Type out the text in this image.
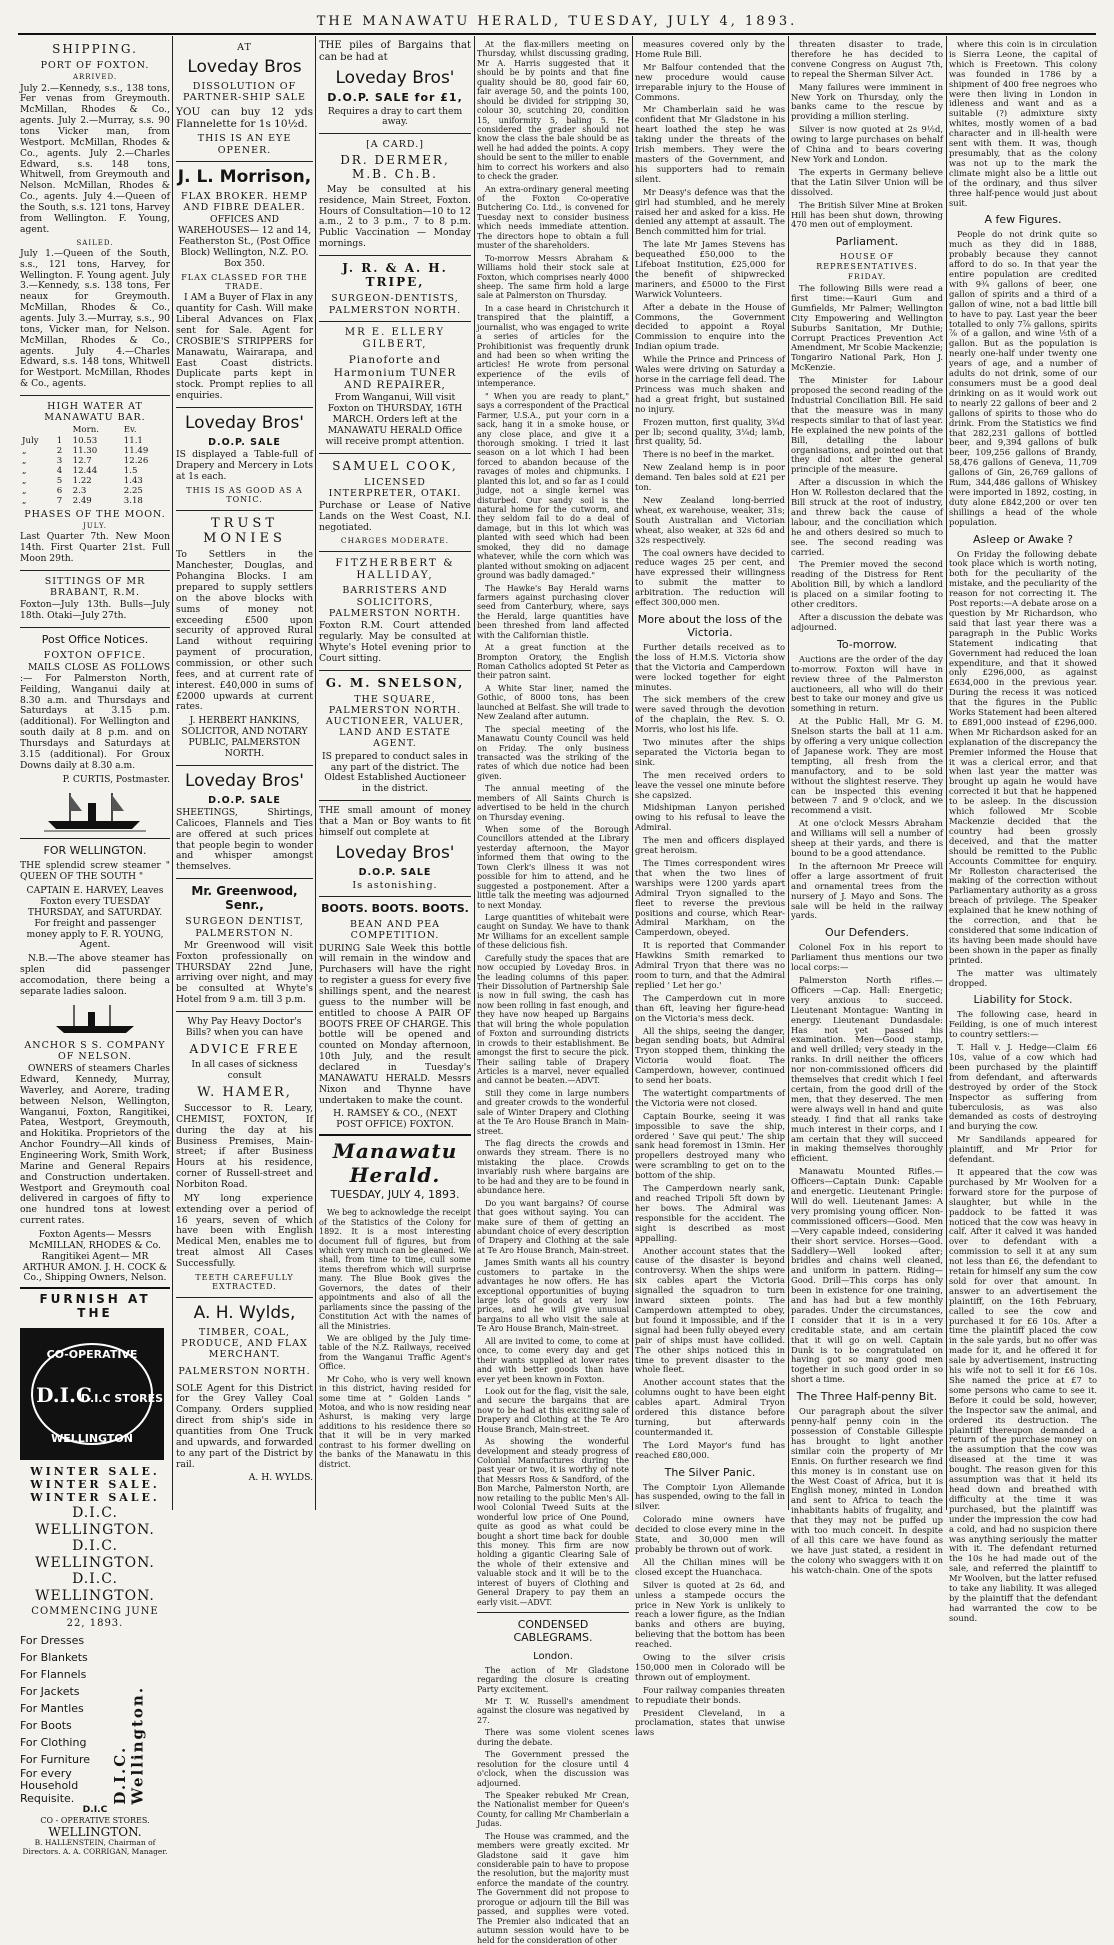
THE MANAWATU HERALD, TUESDAY, JULY 4, 1893.
SHIPPING.
PORT OF FOXTON.
ARRIVED.

July 2.—Kennedy, s.s., 138 tons, Fer venas from Greymouth. McMillan, Rhodes & Co., agents. July 2.—Murray, s.s. 90 tons Vicker man, from Westport. McMillan, Rhodes & Co., agents. July 2.—Charles Edward, s.s. 148 tons, Whitwell, from Greymouth and Nelson. McMillan, Rhodes & Co., agents. July 4.—Queen of the South, s.s. 121 tons, Harvey from Wellington. F. Young, agent.

SAILED.

July 1.—Queen of the South, s.s., 121 tons, Harvey, for Wellington. F. Young agent. July 3.—Kennedy, s.s. 138 tons, Fer neaux for Greymouth. McMillan, Rhodes & Co., agents. July 3.—Murray, s.s., 90 tons, Vicker man, for Nelson. McMillan, Rhodes & Co., agents. July 4.—Charles Edward, s.s. 148 tons, Whitwell for Westport. McMillan, Rhodes & Co., agents.

HIGH WATER AT MANAWATU BAR.
		Morn.	Ev.
July	1	10.53	11.1
„	2	11.30	11.49
„	3	12.7	12.26
„	4	12.44	1.5
„	5	1.22	1.43
„	6	2.3	2.25
„	7	2.49	3.18
PHASES OF THE MOON.
JULY.

Last Quarter 7th. New Moon 14th. First Quarter 21st. Full Moon 29th.

SITTINGS OF MR BRABANT, R.M.

Foxton—July 13th. Bulls—July 18th. Otaki—July 27th.

Post Office Notices.
FOXTON OFFICE.

MAILS CLOSE AS FOLLOWS :— For Palmerston North, Feilding, Wanganui daily at 8.30 a.m. and Thursdays and Saturdays at 3.15 p.m. (additional). For Wellington and south daily at 8 p.m. and on Thursdays and Saturdays at 3.15 (additional). For Groux Downs daily at 8.30 a.m.

P. CURTIS, Postmaster.

FOR WELLINGTON.

THE splendid screw steamer " QUEEN OF THE SOUTH "

CAPTAIN E. HARVEY, Leaves Foxton every TUESDAY THURSDAY, and SATURDAY. For freight and passenger money apply to F. R. YOUNG, Agent.

N.B.—The above steamer has splen did passenger accomodation, there being a separate ladies saloon.

ANCHOR S S. COMPANY OF NELSON.

OWNERS of steamers Charles Edward, Kennedy, Murray, Waverley, and Aorere, trading between Nelson, Wellington, Wanganui, Foxton, Rangitikei, Patea, Westport, Greymouth, and Hokitika. Proprietors of the Anchor Foundry—All kinds of Engineering Work, Smith Work, Marine and General Repairs and Construction undertaken. Westport and Greymouth coal delivered in cargoes of fifty to one hundred tons at lowest current rates.

Foxton Agents— Messrs McMILLAN, RHODES & Co. Rangitikei Agent— MR ARTHUR AMON. J. H. COCK & Co., Shipping Owners, Nelson.

FURNISH AT THE
CO-OPERATIVE
D.I.C
D.I.C STORES
WELLINGTON
WINTER SALE.
WINTER SALE.
WINTER SALE.
D.I.C. WELLINGTON.
D.I.C. WELLINGTON.
D.I.C. WELLINGTON.
COMMENCING JUNE 22, 1893.
For Dresses
For Blankets
For Flannels
For Jackets
For Mantles
For Boots
For Clothing
For Furniture
For every Household Requisite.	D.I.C. Wellington.
D.I.C
CO - OPERATIVE STORES.
WELLINGTON.
B. HALLENSTEIN, Chairman of Directors. A. A. CORRIGAN, Manager.
AT
Loveday Bros
DISSOLUTION OF PARTNER-SHIP SALE

YOU can buy 12 yds Flannelette for 1s 10½d.

THIS IS AN EYE OPENER.
J. L. Morrison,
FLAX BROKER. HEMP AND FIBRE DEALER.

OFFICES AND WAREHOUSES— 12 and 14, Featherston St., (Post Office Block) Wellington, N.Z. P.O. Box 350.

FLAX CLASSED FOR THE TRADE.

I AM a Buyer of Flax in any quantity for Cash. Will make Liberal Advances on Flax sent for Sale. Agent for CROSBIE'S STRIPPERS for Manawatu, Wairarapa, and East Coast districts. Duplicate parts kept in stock. Prompt replies to all enquiries.

Loveday Bros'
D.O.P. SALE

IS displayed a Table-full of Drapery and Mercery in Lots at 1s each.

THIS IS AS GOOD AS A TONIC.
TRUST MONIES

To Settlers in the Manchester, Douglas, and Pohangina Blocks. I am prepared to supply settlers on the above blocks with sums of money not exceeding £500 upon security of approved Rural Land without requiring payment of procuration, commission, or other such fees, and at current rate of interest. £40,000 in sums of £2000 upwards at current rates.

J. HERBERT HANKINS, SOLICITOR, AND NOTARY PUBLIC, PALMERSTON NORTH.

Loveday Bros'
D.O.P. SALE

SHEETINGS, Shirtings, Calicoes, Flannels and Ties are offered at such prices that people begin to wonder and whisper amongst themselves.

Mr. Greenwood, Senr.,
SURGEON DENTIST, PALMERSTON N.

Mr Greenwood will visit Foxton professionally on THURSDAY 22nd June, arriving over night, and may be consulted at Whyte's Hotel from 9 a.m. till 3 p.m.

Why Pay Heavy Doctor's Bills? when you can have

ADVICE FREE

In all cases of sickness consult

W. HAMER,

Successor to R. Leary, CHEMIST, FOXTON, If during the day at his Business Premises, Main-street; if after Business Hours at his residence, corner of Russell-street and Norbiton Road.

MY long experience extending over a period of 16 years, seven of which have been with English Medical Men, enables me to treat almost All Cases Successfully.

TEETH CAREFULLY EXTRACTED.
A. H. Wylds,
TIMBER, COAL, PRODUCE, AND FLAX MERCHANT.
PALMERSTON NORTH.

SOLE Agent for this District for the Grey Valley Coal Company. Orders supplied direct from ship's side in quantities from One Truck and upwards, and forwarded to any part of the District by rail.

A. H. WYLDS.

THE piles of Bargains that can be had at

Loveday Bros'
D.O.P. SALE for £1,

Requires a dray to cart them away.

[A CARD.]
DR. DERMER, M.B. Ch.B.

May be consulted at his residence, Main Street, Foxton. Hours of Consultation—10 to 12 a.m., 2 to 3 p.m., 7 to 8 p.m. Public Vaccination — Monday mornings.

J. R. & A. H. TRIPE,
SURGEON-DENTISTS, PALMERSTON NORTH.
MR E. ELLERY GILBERT,
Pianoforte and Harmonium TUNER AND REPAIRER,

From Wanganui, Will visit Foxton on THURSDAY, 16TH MARCH. Orders left at the MANAWATU HERALD Office will receive prompt attention.

SAMUEL COOK,
LICENSED INTERPRETER, OTAKI.

Purchase or Lease of Native Lands on the West Coast, N.I. negotiated.

CHARGES MODERATE.
FITZHERBERT & HALLIDAY,
BARRISTERS AND SOLICITORS, PALMERSTON NORTH.

Foxton R.M. Court attended regularly. May be consulted at Whyte's Hotel evening prior to Court sitting.

G. M. SNELSON,
THE SQUARE, PALMERSTON NORTH. AUCTIONEER, VALUER, LAND AND ESTATE AGENT.

IS prepared to conduct sales in any part of the district. The Oldest Established Auctioneer in the district.

THE small amount of money that a Man or Boy wants to fit himself out complete at

Loveday Bros'
D.O.P. SALE
Is astonishing.
BOOTS. BOOTS. BOOTS.
BEAN AND PEA COMPETITION.

DURING Sale Week this bottle will remain in the window and Purchasers will have the right to register a guess for every five shillings spent, and the nearest guess to the number will be entitled to choose A PAIR OF BOOTS FREE OF CHARGE. This bottle will be opened and counted on Monday afternoon, 10th July, and the result declared in Tuesday's MANAWATU HERALD. Messrs Nixon and Thynne have undertaken to make the count.

H. RAMSEY & CO., (NEXT POST OFFICE) FOXTON.

Manawatu Herald.
TUESDAY, JULY 4, 1893.

We beg to acknowledge the receipt of the Statistics of the Colony for 1892. It is a most interesting document full of figures, but from which very much can be gleaned. We shall, from time to time, cull some items therefrom which will surprise many. The Blue Book gives the Governors, the dates of their appointments and also of all the parliaments since the passing of the Constitution Act with the names of all the Ministries.

We are obliged by the July time-table of the N.Z. Railways, received from the Wanganui Traffic Agent's Office.

Mr Coho, who is very well known in this district, having resided for some time at " Golden Lands " Motoa, and who is now residing near Ashurst, is making very large additions to his residence there so that it will be in very marked contrast to his former dwelling on the banks of the Manawatu in this district.

At the flax-millers meeting on Thursday, whilst discussing grading, Mr A. Harris suggested that it should be by points and that fine quality should be 80, good fair 60, fair average 50, and the points 100, should be divided for stripping 30, colour 30, scutching 20, condition 15, uniformity 5, baling 5. He considered the grader should not know the class the bale should be as well he had added the points. A copy should be sent to the miller to enable him to correct his workers and also to check the grader.

An extra-ordinary general meeting of the Foxton Co-operative Butchering Co. Ltd., is convened for Tuesday next to consider business which needs immediate attention. The directors hope to obtain a full muster of the shareholders.

To-morrow Messrs Abraham & Williams hold their stock sale at Foxton, which comprises nearly 4000 sheep. The same firm hold a large sale at Palmerston on Thursday.

In a case heard in Christchurch it transpired that the plaintiff, a journalist, who was engaged to write a series of articles for the Prohibitionist was frequently drunk and had been so when writing the articles! He wrote from personal experience of the evils of intemperance.

" When you are ready to plant," says a correspondent of the Practical Farmer, U.S.A., put your corn in a sack, hang it in a smoke house, or any close place, and give it a thorough smoking. I tried it last season on a lot which I had been forced to abandon because of the ravages of moles and chipmunks. I planted this lot, and so far as I could judge, not a single kernel was disturbed. Our sandy soil is the natural home for the cutworm, and they seldom fail to do a deal of damage, but in this lot which was planted with seed which had been smoked, they did no damage whatever, while the corn which was planted without smoking on adjacent ground was badly damaged."

The Hawke's Bay Herald warns farmers against purchasing clover seed from Canterbury, where, says the Herald, large quantities have been threshed from land affected with the Californian thistle.

At a great function at the Brompton Oratory, the English Roman Catholics adopted St Peter as their patron saint.

A White Star liner, named the Gothic, of 8000 tons, has been launched at Belfast. She will trade to New Zealand after autumn.

The special meeting of the Manawatu County Council was held on Friday. The only business transacted was the striking of the rates of which due notice had been given.

The annual meeting of the members of All Saints Church is advertised to be held in the church on Thursday evening.

When some of the Borough Councillors attended at the Library yesterday afternoon, the Mayor informed them that owing to the Town Clerk's illness it was not possible for him to attend, and he suggested a postponement. After a little talk the meeting was adjourned to next Monday.

Large quantities of whitebait were caught on Sunday. We have to thank Mr Williams for an excellent sample of these delicious fish.

Carefully study the spaces that are now occupied by Loveday Bros. in the leading columns of this paper. Their Dissolution of Partnership Sale is now in full swing, the cash has now been rolling in fast enough, and they have now heaped up Bargains that will bring the whole population of Foxton and surrounding districts in crowds to their establishment. Be amongst the first to secure the pick. Their sailing table of Drapery Articles is a marvel, never equalled and cannot be beaten.—ADVT.

Still they come in large numbers and greater crowds to the wonderful sale of Winter Drapery and Clothing at the Te Aro House Branch in Main-street.

The flag directs the crowds and onwards they stream. There is no mistaking the place. Crowds invariably rush where bargains are to be had and they are to be found in abundance here.

Do you want bargains? Of course that goes without saying. You can make sure of them of getting an abundant choice of every description of Drapery and Clothing at the sale at Te Aro House Branch, Main-street.

James Smith wants all his country customers to partake in the advantages he now offers. He has exceptional opportunities of buying large lots of goods at very low prices, and he will give unusual bargains to all who visit the sale at Te Aro House Branch, Main-street.

All are invited to come, to come at once, to come every day and get their wants supplied at lower rates and with better goods than have ever yet been known in Foxton.

Look out for the flag, visit the sale, and secure the bargains that are now to be had at this exciting sale of Drapery and Clothing at the Te Aro House Branch, Main-street.

As showing the wonderful development and steady progress of Colonial Manufactures during the past year or two, it is worthy of note that Messrs Ross & Sandford, of the Bon Marche, Palmerston North, are now retailing to the public Men's All-wool Colonial Tweed Suits at the wonderful low price of One Pound, quite as good as what could be bought a short time back for double this money. This firm are now holding a gigantic Clearing Sale of the whole of their extensive and valuable stock and it will be to the interest of buyers of Clothing and General Drapery to pay them an early visit.—ADVT.

CONDENSED CABLEGRAMS.
London.

The action of Mr Gladstone regarding the closure is creating Party excitement.

Mr T. W. Russell's amendment against the closure was negatived by 27.

There was some violent scenes during the debate.

The Government pressed the resolution for the closure until 4 o'clock, when the discussion was adjourned.

The Speaker rebuked Mr Crean, the Nationalist member for Queen's County, for calling Mr Chamberlain a Judas.

The House was crammed, and the members were greatly excited. Mr Gladstone said it gave him considerable pain to have to propose the resolution, but the majority must enforce the mandate of the country. The Government did not propose to prorogue or adjourn till the Bill was passed, and supplies were voted. The Premier also indicated that an autumn session would have to be held for the consideration of other

measures covered only by the Home Rule Bill.

Mr Balfour contended that the new procedure would cause irreparable injury to the House of Commons.

Mr Chamberlain said he was confident that Mr Gladstone in his heart loathed the step he was taking under the threats of the Irish members. They were the masters of the Government, and his supporters had to remain silent.

Mr Deasy's defence was that the girl had stumbled, and he merely raised her and asked for a kiss. He denied any attempt at assault. The Bench committed him for trial.

The late Mr James Stevens has bequeathed £50,000 to the Lifeboat Institution, £25,000 for the benefit of shipwrecked mariners, and £5000 to the First Warwick Volunteers.

After a debate in the House of Commons, the Government decided to appoint a Royal Commission to enquire into the Indian opium trade.

While the Prince and Princess of Wales were driving on Saturday a horse in the carriage fell dead. The Princess was much shaken and had a great fright, but sustained no injury.

Frozen mutton, first quality, 3¾d per lb; second quality, 3¼d; lamb, first quality, 5d.

There is no beef in the market.

New Zealand hemp is in poor demand. Ten bales sold at £21 per ton.

New Zealand long-berried wheat, ex warehouse, weaker, 31s; South Australian and Victorian wheat, also weaker, at 32s 6d and 32s respectively.

The coal owners have decided to reduce wages 25 per cent, and have expressed their willingness to submit the matter to arbitration. The reduction will effect 300,000 men.

More about the loss of the Victoria.

Further details received as to the loss of H.M.S. Victoria show that the Victoria and Camperdown were locked together for eight minutes.

The sick members of the crew were saved through the devotion of the chaplain, the Rev. S. O. Morris, who lost his life.

Two minutes after the ships separated the Victoria began to sink.

The men received orders to leave the vessel one minute before she capsized.

Midshipman Lanyon perished owing to his refusal to leave the Admiral.

The men and officers displayed great heroism.

The Times correspondent wires that when the two lines of warships were 1200 yards apart Admiral Tryon signalled to the fleet to reverse the previous positions and course, which Rear-Admiral Markham, on the Camperdown, obeyed.

It is reported that Commander Hawkins Smith remarked to Admiral Tryon that there was no room to turn, and that the Admiral replied ' Let her go.'

The Camperdown cut in more than 6ft, leaving her figure-head on the Victoria's mess deck.

All the ships, seeing the danger, began sending boats, but Admiral Tryon stopped them, thinking the Victoria would float. The Camperdown, however, continued to send her boats.

The watertight compartments of the Victoria were not closed.

Captain Bourke, seeing it was impossible to save the ship, ordered ' Save qui peut.' The ship sank head foremost in 13min. Her propellers destroyed many who were scrambling to get on to the bottom of the ship.

The Camperdown nearly sank, and reached Tripoli 5ft down by her bows. The Admiral was responsible for the accident. The sight is described as most appalling.

Another account states that the cause of the disaster is beyond controversy. When the ships were six cables apart the Victoria signalled the squadron to turn inward sixteen points. The Camperdown attempted to obey, but found it impossible, and if the signal had been fully obeyed every pair of ships must have collided. The other ships noticed this in time to prevent disaster to the whole fleet.

Another account states that the columns ought to have been eight cables apart. Admiral Tryon ordered this distance before turning, but afterwards countermanded it.

The Lord Mayor's fund has reached £80,000.

The Silver Panic.

The Comptoir Lyon Allemande has suspended, owing to the fall in silver.

Colorado mine owners have decided to close every mine in the State, and 30,000 men will probably be thrown out of work.

All the Chilian mines will be closed except the Huanchaca.

Silver is quoted at 2s 6d, and unless a stampede occurs the price in New York is unlikely to reach a lower figure, as the Indian banks and others are buying, believing that the bottom has been reached.

Owing to the silver crisis 150,000 men in Colorado will be thrown out of employment.

Four railway companies threaten to repudiate their bonds.

President Cleveland, in a proclamation, states that unwise laws

threaten disaster to trade, therefore he has decided to convene Congress on August 7th, to repeal the Sherman Silver Act.

Many failures were imminent in New York on Thursday, only the banks came to the rescue by providing a million sterling.

Silver is now quoted at 2s 9½d, owing to large purchases on behalf of China and to bears covering New York and London.

The experts in Germany believe that the Latin Silver Union will be dissolved.

The British Silver Mine at Broken Hill has been shut down, throwing 470 men out of employment.

Parliament.
HOUSE OF REPRESENTATIVES.
FRIDAY.

The following Bills were read a first time:—Kauri Gum and Gumfields, Mr Palmer; Wellington City Empowering and Wellington Suburbs Sanitation, Mr Duthie; Corrupt Practices Prevention Act Amendment, Mr Scobie Mackenzie; Tongariro National Park, Hon J. McKenzie.

The Minister for Labour proposed the second reading of the Industrial Conciliation Bill. He said that the measure was in many respects similar to that of last year. He explained the new points of the Bill, detailing the labour organisations, and pointed out that they did not alter the general principle of the measure.

After a discussion in which the Hon W. Rolleston declared that the Bill struck at the root of industry, and threw back the cause of labour, and the conciliation which he and others desired so much to see. The second reading was carried.

The Premier moved the second reading of the Distress for Rent Abolition Bill, by which a landlord is placed on a similar footing to other creditors.

After a discussion the debate was adjourned.

To-morrow.

Auctions are the order of the day to-morrow. Foxton will have in review three of the Palmerston auctioneers, all who will do their best to take our money and give us something in return.

At the Public Hall, Mr G. M. Snelson starts the ball at 11 a.m. by offering a very unique collection of Japanese work. They are most tempting, all fresh from the manufactory, and to be sold without the slightest reserve. They can be inspected this evening between 7 and 9 o'clock, and we recommend a visit.

At one o'clock Messrs Abraham and Williams will sell a number of sheep at their yards, and there is bound to be a good attendance.

In the afternoon Mr Preece will offer a large assortment of fruit and ornamental trees from the nursery of J. Mayo and Sons. The sale will be held in the railway yards.

Our Defenders.

Colonel Fox in his report to Parliament thus mentions our two local corps:—

Palmerston North rifles.—Officers —Cap. Hall: Energetic; very anxious to succeed. Lieutenant Montague: Wanting in energy. Lieutenant Dundasdale: Has not yet passed his examination. Men—Good stamp, and well drilled; very steady in the ranks. In drill neither the officers nor non-commissioned officers did themselves that credit which I feel certain, from the good drill of the men, that they deserved. The men were always well in hand and quite steady. I find that all ranks take much interest in their corps, and I am certain that they will succeed in making themselves thoroughly efficient.

Manawatu Mounted Rifles.—Officers—Captain Dunk: Capable and energetic. Lieutenant Pringle: Will do well. Lieutenant James: A very promising young officer. Non-commissioned officers—Good. Men—Very capable indeed, considering their short service. Horses—Good. Saddlery—Well looked after; bridles and chains well cleaned, and uniform in pattern. Riding—Good. Drill—This corps has only been in existence for one training, and has had but a few monthly parades. Under the circumstances, I consider that it is in a very creditable state, and am certain that it will go on well. Captain Dunk is to be congratulated on having got so many good men together in such good order in so short a time.

The Three Half-penny Bit.

Our paragraph about the silver penny-half penny coin in the possession of Constable Gillespie has brought to light another similar coin the property of Mr Ennis. On further research we find this money is in constant use on the West Coast of Africa, but it is English money, minted in London and sent to Africa to teach the inhabitants habits of frugality, and that they may not be puffed up with too much conceit. In despite of all this care we have found as we have just stated, a resident in the colony who swaggers with it on his watch-chain. One of the spots

where this coin is in circulation is Sierra Leone, the capital of which is Freetown. This colony was founded in 1786 by a shipment of 400 free negroes who were then living in London in idleness and want and as a suitable (?) admixture sixty whites, mostly women of a bad character and in ill-health were sent with them. It was, though presumably, that as the colony was not up to the mark the climate might also be a little out of the ordinary, and thus silver three half-pence would just about suit.

A few Figures.

People do not drink quite so much as they did in 1888, probably because they cannot afford to do so. In that year the entire population are credited with 9¾ gallons of beer, one gallon of spirits and a third of a gallon of wine, not a bad little bill to have to pay. Last year the beer totalled to only 7⅞ gallons, spirits ⅞ of a gallon, and wine ⅕th of a gallon. But as the population is nearly one-half under twenty one years of age, and a number of adults do not drink, some of our consumers must be a good deal drinking on as it would work out to nearly 22 gallons of beer and 2 gallons of spirits to those who do drink. From the Statistics we find that 282,231 gallons of bottled beer, and 9,394 gallons of bulk beer, 109,256 gallons of Brandy, 58,476 gallons of Geneva, 11,709 gallons of Gin, 26,769 gallons of Rum, 344,486 gallons of Whiskey were imported in 1892, costing, in duty alone £842,200 or over ten shillings a head of the whole population.

Asleep or Awake ?

On Friday the following debate took place which is worth noting, both for the peculiarity of the mistake, and the peculiarity of the reason for not correcting it. The Post reports:—A debate arose on a question by Mr Richardson, who said that last year there was a paragraph in the Public Works Statement indicating that Government had reduced the loan expenditure, and that it showed only £296,000, as against £634,000 in the previous year. During the recess it was noticed that the figures in the Public Works Statement had been altered to £891,000 instead of £296,000. When Mr Richardson asked for an explanation of the discrepancy the Premier informed the House that it was a clerical error, and that when last year the matter was brought up again he would have corrected it but that he happened to be asleep. In the discussion which followed Mr Scobie Mackenzie decided that the country had been grossly deceived, and that the matter should be remitted to the Public Accounts Committee for enquiry. Mr Rolleston characterised the making of the correction without Parliamentary authority as a gross breach of privilege. The Speaker explained that he knew nothing of the correction, and that he considered that some indication of its having been made should have been shown in the paper as finally printed.

The matter was ultimately dropped.

Liability for Stock.

The following case, heard in Feilding, is one of much interest to country settlers:—

T. Hall v. J. Hedge—Claim £6 10s, value of a cow which had been purchased by the plaintiff from defendant, and afterwards destroyed by order of the Stock Inspector as suffering from tuberculosis, as was also demanded as costs of destroying and burying the cow.

Mr Sandilands appeared for plaintiff, and Mr Prior for defendant.

It appeared that the cow was purchased by Mr Woolven for a forward store for the purpose of slaughter, but while in the paddock to be fatted it was noticed that the cow was heavy in calf. After it calved it was handed over to defendant with a commission to sell it at any sum not less than £6, the defendant to retain for himself any sum the cow sold for over that amount. In answer to an advertisement the plaintiff, on the 16th February, called to see the cow and purchased it for £6 10s. After a time the plaintiff placed the cow in the sale yards, but no offer was made for it, and he offered it for sale by advertisement, instructing his wife not to sell it for £6 10s. She named the price at £7 to some persons who came to see it. Before it could be sold, however, the Inspector saw the animal, and ordered its destruction. The plaintiff thereupon demanded a return of the purchase money on the assumption that the cow was diseased at the time it was bought. The reason given for this assumption was that it held its head down and breathed with difficulty at the time it was purchased, but the plaintiff was under the impression the cow had a cold, and had no suspicion there was anything seriously the matter with it. The defendant returned the 10s he had made out of the sale, and referred the plaintiff to Mr Woolven, but the latter refused to take any liability. It was alleged by the plaintiff that the defendant had warranted the cow to be sound.
